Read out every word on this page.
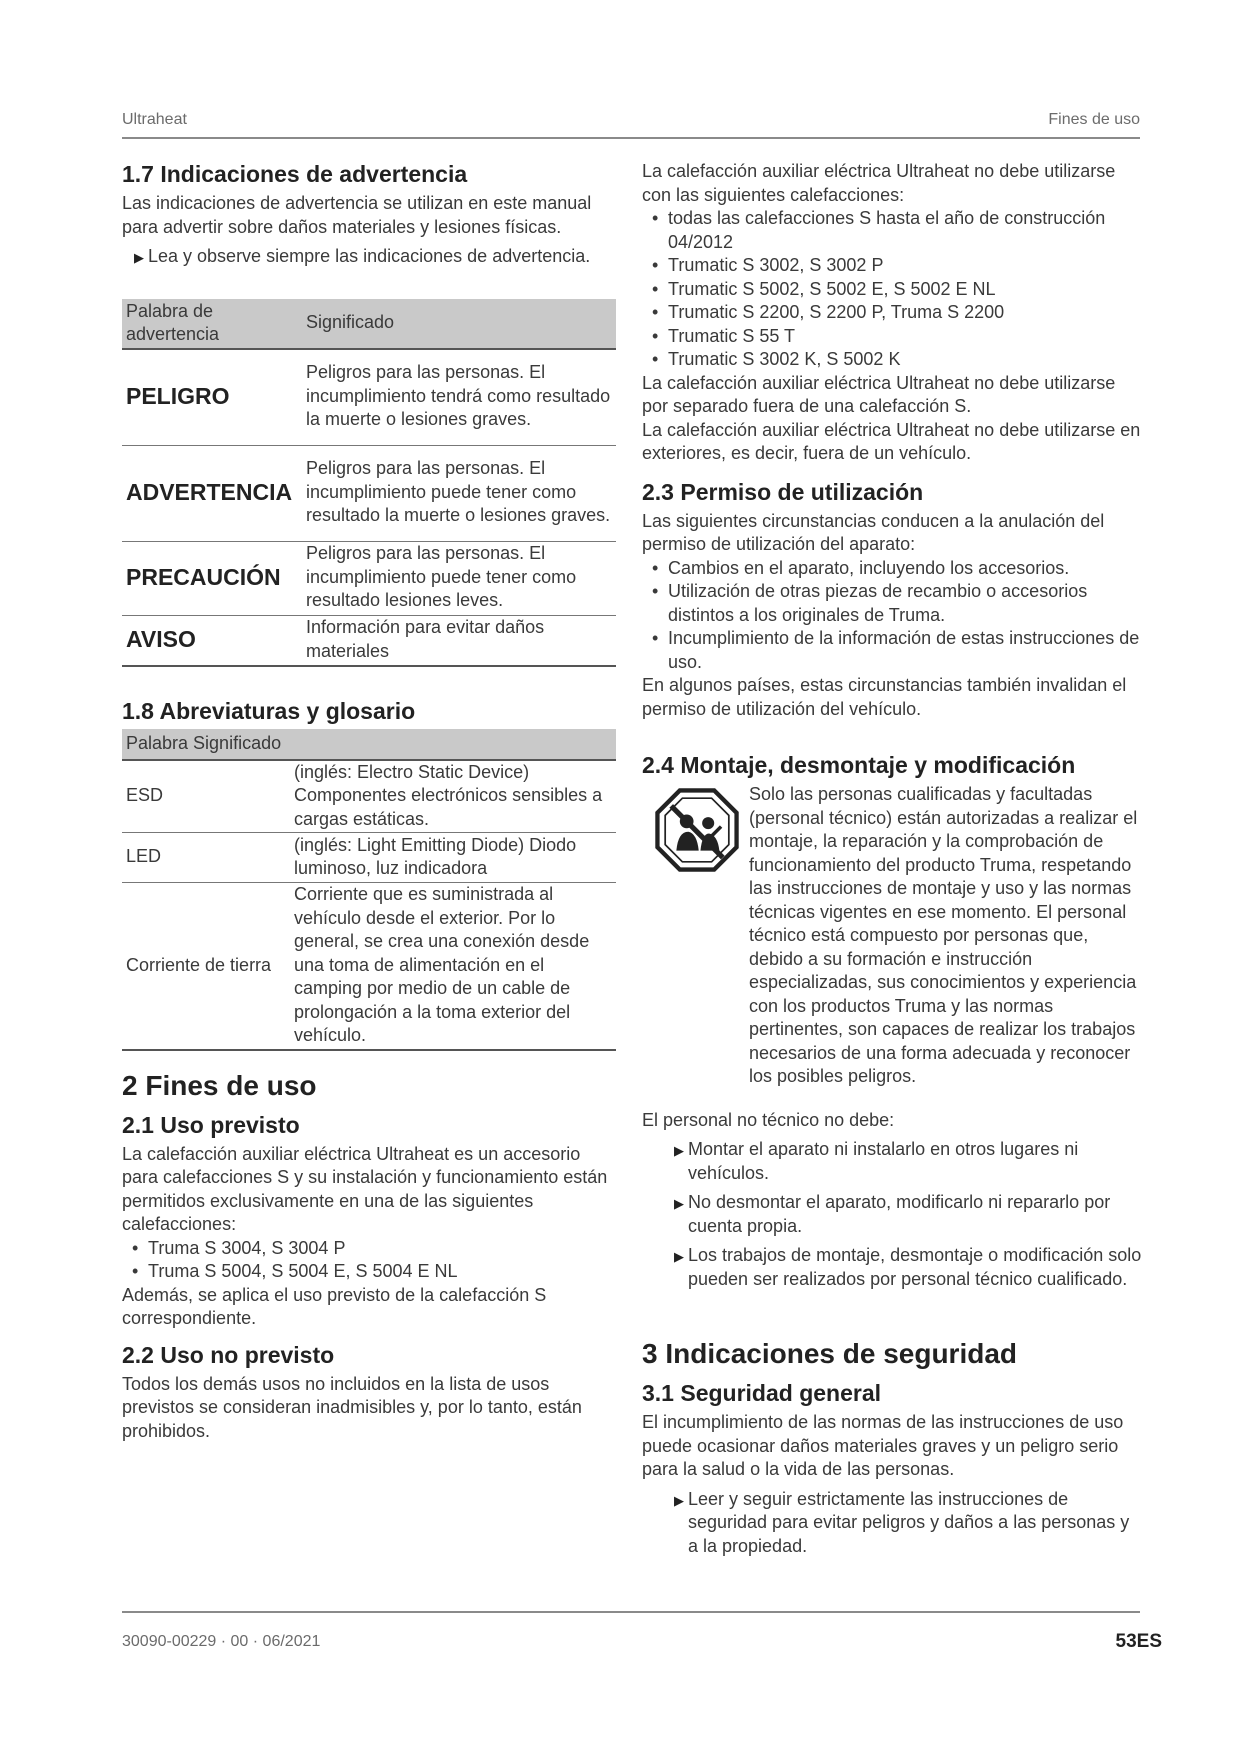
Ultraheat	Fines de uso
1.7 Indicaciones de advertencia

Las indicaciones de advertencia se utilizan en este manual para advertir sobre daños materiales y lesiones físicas.

▶ Lea y observe siempre las indicaciones de advertencia.
Palabra de advertencia	Significado
PELIGRO	Peligros para las personas. El incumplimiento tendrá como resultado la muerte o lesiones graves.
ADVERTENCIA	Peligros para las personas. El incumplimiento puede tener como resultado la muerte o lesiones graves.
PRECAUCIÓN	Peligros para las personas. El incumplimiento puede tener como resultado lesiones leves.
AVISO	Información para evitar daños materiales
1.8 Abreviaturas y glosario
Palabra Significado	
ESD	(inglés: Electro Static Device) Componentes electrónicos sensibles a cargas estáticas.
LED	(inglés: Light Emitting Diode) Diodo luminoso, luz indicadora
Corriente de tierra	Corriente que es suministrada al vehículo desde el exterior. Por lo general, se crea una conexión desde una toma de alimentación en el camping por medio de un cable de prolongación a la toma exterior del vehículo.
2 Fines de uso
2.1 Uso previsto

La calefacción auxiliar eléctrica Ultraheat es un accesorio para calefacciones S y su instalación y funcionamiento están permitidos exclusivamente en una de las siguientes calefacciones:

• Truma S 3004, S 3004 P
• Truma S 5004, S 5004 E, S 5004 E NL

Además, se aplica el uso previsto de la calefacción S correspondiente.

2.2 Uso no previsto

Todos los demás usos no incluidos en la lista de usos previstos se consideran inadmisibles y, por lo tanto, están prohibidos.

La calefacción auxiliar eléctrica Ultraheat no debe utilizarse con las siguientes calefacciones:

• todas las calefacciones S hasta el año de construcción 04/2012
• Trumatic S 3002, S 3002 P
• Trumatic S 5002, S 5002 E, S 5002 E NL
• Trumatic S 2200, S 2200 P, Truma S 2200
• Trumatic S 55 T
• Trumatic S 3002 K, S 5002 K

La calefacción auxiliar eléctrica Ultraheat no debe utilizarse por separado fuera de una calefacción S.

La calefacción auxiliar eléctrica Ultraheat no debe utilizarse en exteriores, es decir, fuera de un vehículo.

2.3 Permiso de utilización

Las siguientes circunstancias conducen a la anulación del permiso de utilización del aparato:

• Cambios en el aparato, incluyendo los accesorios.
• Utilización de otras piezas de recambio o accesorios distintos a los originales de Truma.
• Incumplimiento de la información de estas instrucciones de uso.

En algunos países, estas circunstancias también invalidan el permiso de utilización del vehículo.

2.4 Montaje, desmontaje y modificación

Solo las personas cualificadas y facultadas (personal técnico) están autorizadas a realizar el montaje, la reparación y la comprobación de funcionamiento del producto Truma, respetando las instrucciones de montaje y uso y las normas técnicas vigentes en ese momento. El personal técnico está compuesto por personas que, debido a su formación e instrucción especializadas, sus conocimientos y experiencia con los productos Truma y las normas pertinentes, son capaces de realizar los trabajos necesarios de una forma adecuada y reconocer los posibles peligros.

El personal no técnico no debe:

▶ Montar el aparato ni instalarlo en otros lugares ni vehículos.
▶ No desmontar el aparato, modificarlo ni repararlo por cuenta propia.
▶ Los trabajos de montaje, desmontaje o modificación solo pueden ser realizados por personal técnico cualificado.
3 Indicaciones de seguridad
3.1 Seguridad general

El incumplimiento de las normas de las instrucciones de uso puede ocasionar daños materiales graves y un peligro serio para la salud o la vida de las personas.

▶ Leer y seguir estrictamente las instrucciones de seguridad para evitar peligros y daños a las personas y a la propiedad.
30090-00229 · 00 · 06/2021	53ES
